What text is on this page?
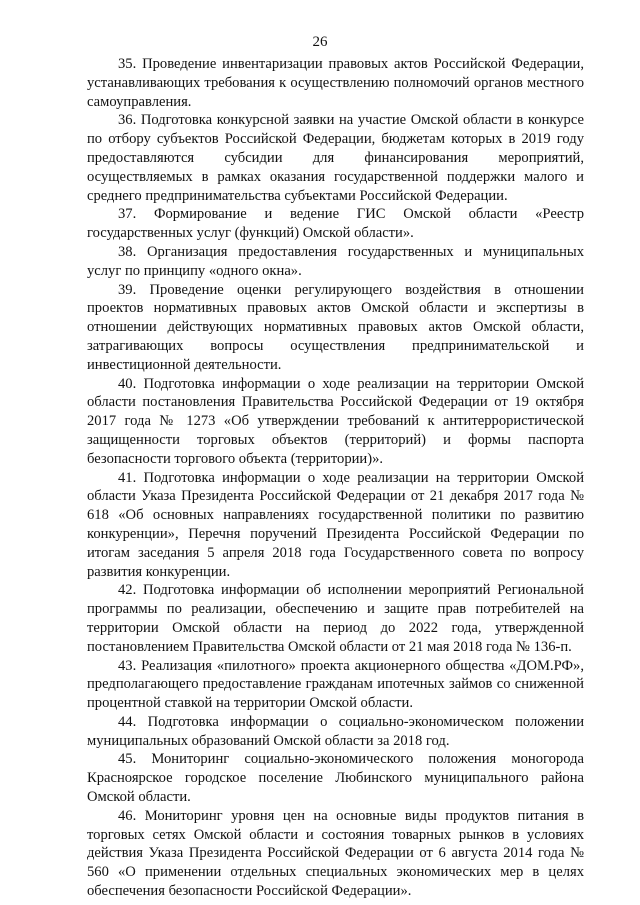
26

35. Проведение инвентаризации правовых актов Российской Федерации, устанавливающих требования к осуществлению полномочий органов местного самоуправления.

36. Подготовка конкурсной заявки на участие Омской области в конкурсе по отбору субъектов Российской Федерации, бюджетам которых в 2019 году предоставляются субсидии для финансирования мероприятий, осуществляемых в рамках оказания государственной поддержки малого и среднего предпринимательства субъектами Российской Федерации.

37. Формирование и ведение ГИС Омской области «Реестр государственных услуг (функций) Омской области».

38. Организация предоставления государственных и муниципальных услуг по принципу «одного окна».

39. Проведение оценки регулирующего воздействия в отношении проектов нормативных правовых актов Омской области и экспертизы в отношении действующих нормативных правовых актов Омской области, затрагивающих вопросы осуществления предпринимательской и инвестиционной деятельности.

40. Подготовка информации о ходе реализации на территории Омской области постановления Правительства Российской Федерации от 19 октября 2017 года № 1273 «Об утверждении требований к антитеррористической защищенности торговых объектов (территорий) и формы паспорта безопасности торгового объекта (территории)».

41. Подготовка информации о ходе реализации на территории Омской области Указа Президента Российской Федерации от 21 декабря 2017 года № 618 «Об основных направлениях государственной политики по развитию конкуренции», Перечня поручений Президента Российской Федерации по итогам заседания 5 апреля 2018 года Государственного совета по вопросу развития конкуренции.

42. Подготовка информации об исполнении мероприятий Региональной программы по реализации, обеспечению и защите прав потребителей на территории Омской области на период до 2022 года, утвержденной постановлением Правительства Омской области от 21 мая 2018 года № 136-п.

43. Реализация «пилотного» проекта акционерного общества «ДОМ.РФ», предполагающего предоставление гражданам ипотечных займов со сниженной процентной ставкой на территории Омской области.

44. Подготовка информации о социально-экономическом положении муниципальных образований Омской области за 2018 год.

45. Мониторинг социально-экономического положения моногорода Красноярское городское поселение Любинского муниципального района Омской области.

46. Мониторинг уровня цен на основные виды продуктов питания в торговых сетях Омской области и состояния товарных рынков в условиях действия Указа Президента Российской Федерации от 6 августа 2014 года № 560 «О применении отдельных специальных экономических мер в целях обеспечения безопасности Российской Федерации».
